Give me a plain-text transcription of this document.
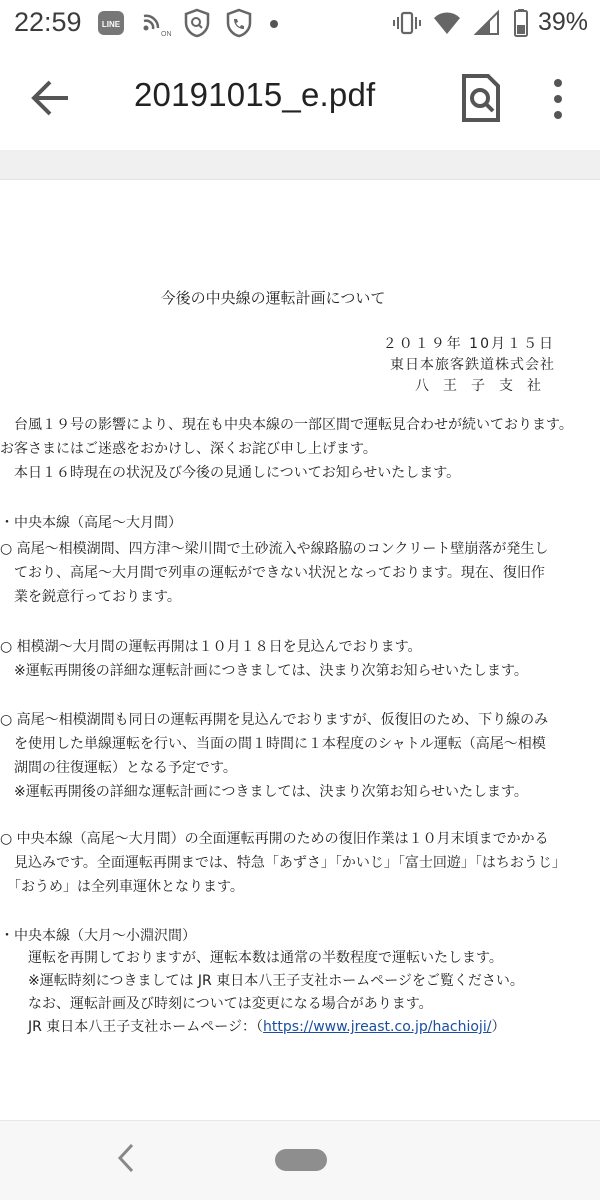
22:59	LINE
ON	39%
20191015_e.pdf
今後の中央線の運転計画について
２０１９年 10月１５日
東日本旅客鉄道株式会社
八王子支社
　台風１９号の影響により、現在も中央本線の一部区間で運転見合わせが続いております。
お客さまにはご迷惑をおかけし、深くお詫び申し上げます。
　本日１６時現在の状況及び今後の見通しについてお知らせいたします。
・中央本線（高尾～大月間）
○ 高尾～相模湖間、四方津～梁川間で土砂流入や線路脇のコンクリート壁崩落が発生し
　ており、高尾～大月間で列車の運転ができない状況となっております。現在、復旧作
　業を鋭意行っております。
○ 相模湖～大月間の運転再開は１０月１８日を見込んでおります。
　※運転再開後の詳細な運転計画につきましては、決まり次第お知らせいたします。
○ 高尾～相模湖間も同日の運転再開を見込んでおりますが、仮復旧のため、下り線のみ
　を使用した単線運転を行い、当面の間１時間に１本程度のシャトル運転（高尾～相模
　湖間の往復運転）となる予定です。
　※運転再開後の詳細な運転計画につきましては、決まり次第お知らせいたします。
○ 中央本線（高尾～大月間）の全面運転再開のための復旧作業は１０月末頃までかかる
　見込みです。全面運転再開までは、特急「あずさ」「かいじ」「富士回遊」「はちおうじ」
　「おうめ」は全列車運休となります。
・中央本線（大月～小淵沢間）
　　運転を再開しておりますが、運転本数は通常の半数程度で運転いたします。
　　※運転時刻につきましては JR 東日本八王子支社ホームページをご覧ください。
　　なお、運転計画及び時刻については変更になる場合があります。
　　JR 東日本八王子支社ホームページ：（https://www.jreast.co.jp/hachioji/）
